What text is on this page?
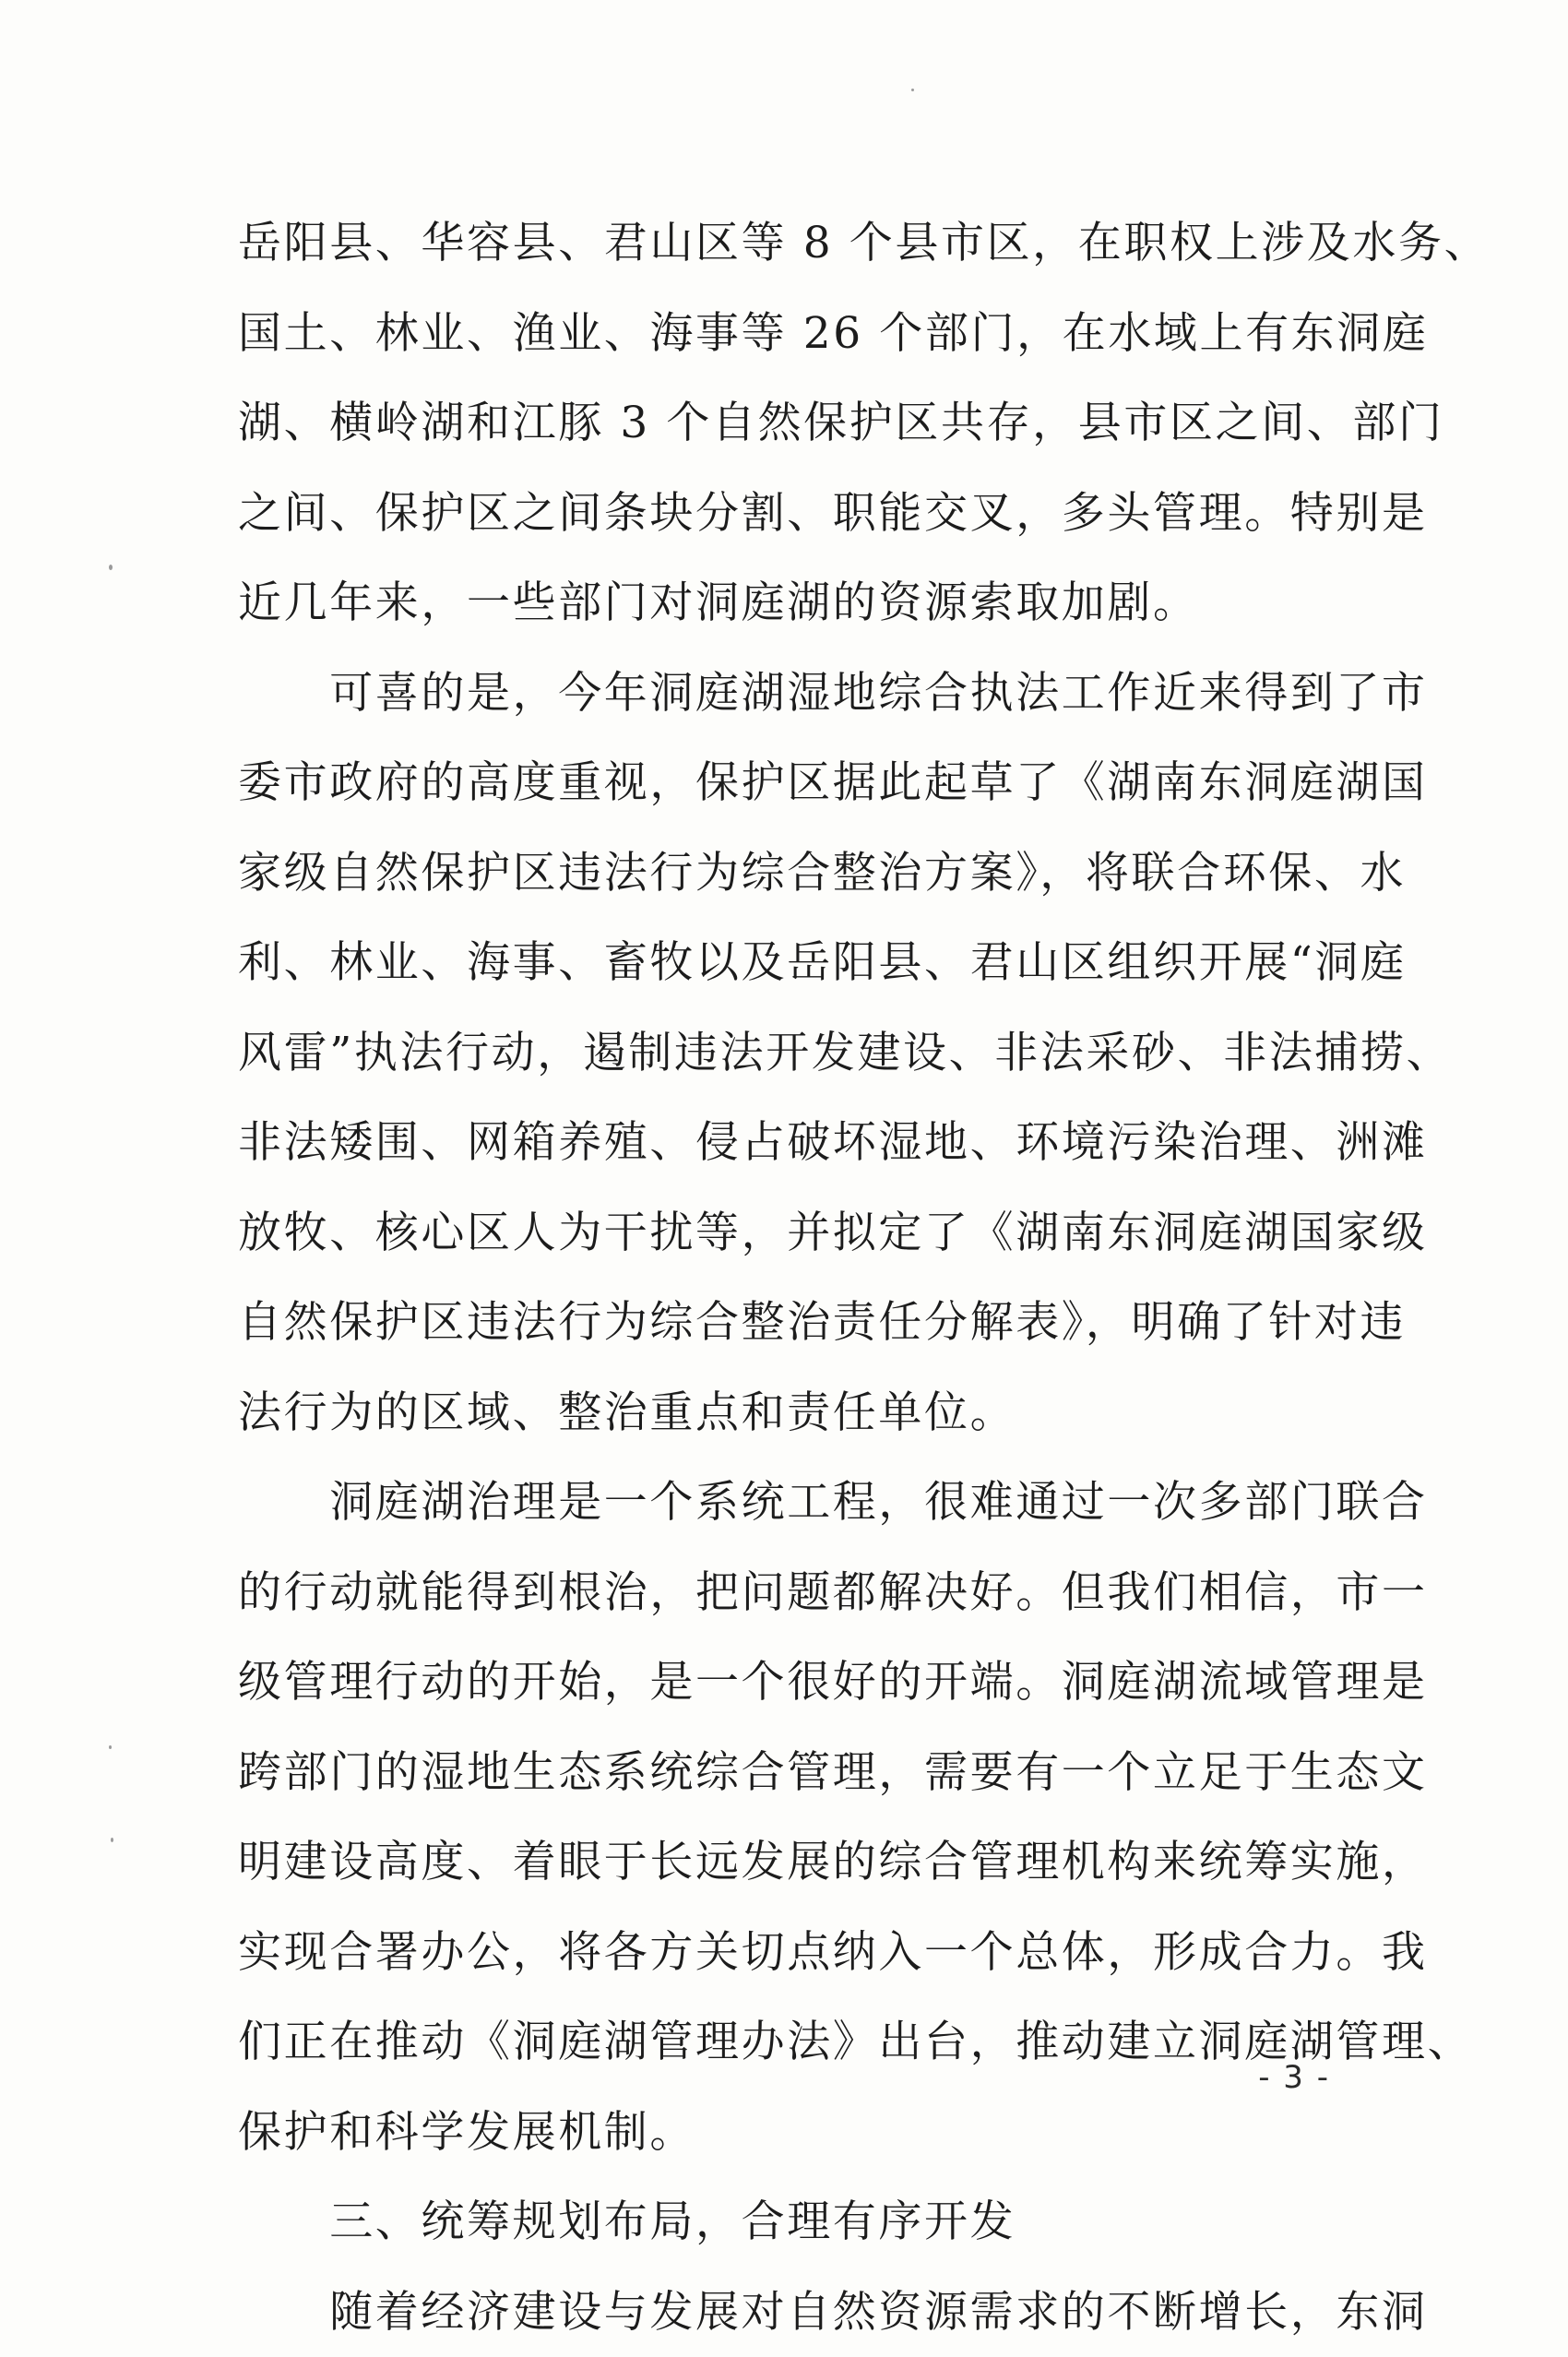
岳阳县、华容县、君山区等 8 个县市区，在职权上涉及水务、
国土、林业、渔业、海事等 26 个部门，在水域上有东洞庭
湖、横岭湖和江豚 3 个自然保护区共存，县市区之间、部门
之间、保护区之间条块分割、职能交叉，多头管理。特别是
近几年来，一些部门对洞庭湖的资源索取加剧。
　　可喜的是，今年洞庭湖湿地综合执法工作近来得到了市
委市政府的高度重视，保护区据此起草了《湖南东洞庭湖国
家级自然保护区违法行为综合整治方案》，将联合环保、水
利、林业、海事、畜牧以及岳阳县、君山区组织开展“洞庭
风雷”执法行动，遏制违法开发建设、非法采砂、非法捕捞、
非法矮围、网箱养殖、侵占破坏湿地、环境污染治理、洲滩
放牧、核心区人为干扰等，并拟定了《湖南东洞庭湖国家级
自然保护区违法行为综合整治责任分解表》，明确了针对违
法行为的区域、整治重点和责任单位。
　　洞庭湖治理是一个系统工程，很难通过一次多部门联合
的行动就能得到根治，把问题都解决好。但我们相信，市一
级管理行动的开始，是一个很好的开端。洞庭湖流域管理是
跨部门的湿地生态系统综合管理，需要有一个立足于生态文
明建设高度、着眼于长远发展的综合管理机构来统筹实施，
实现合署办公，将各方关切点纳入一个总体，形成合力。我
们正在推动《洞庭湖管理办法》出台，推动建立洞庭湖管理、
保护和科学发展机制。
　　三、统筹规划布局，合理有序开发
　　随着经济建设与发展对自然资源需求的不断增长，东洞
- 3 -
